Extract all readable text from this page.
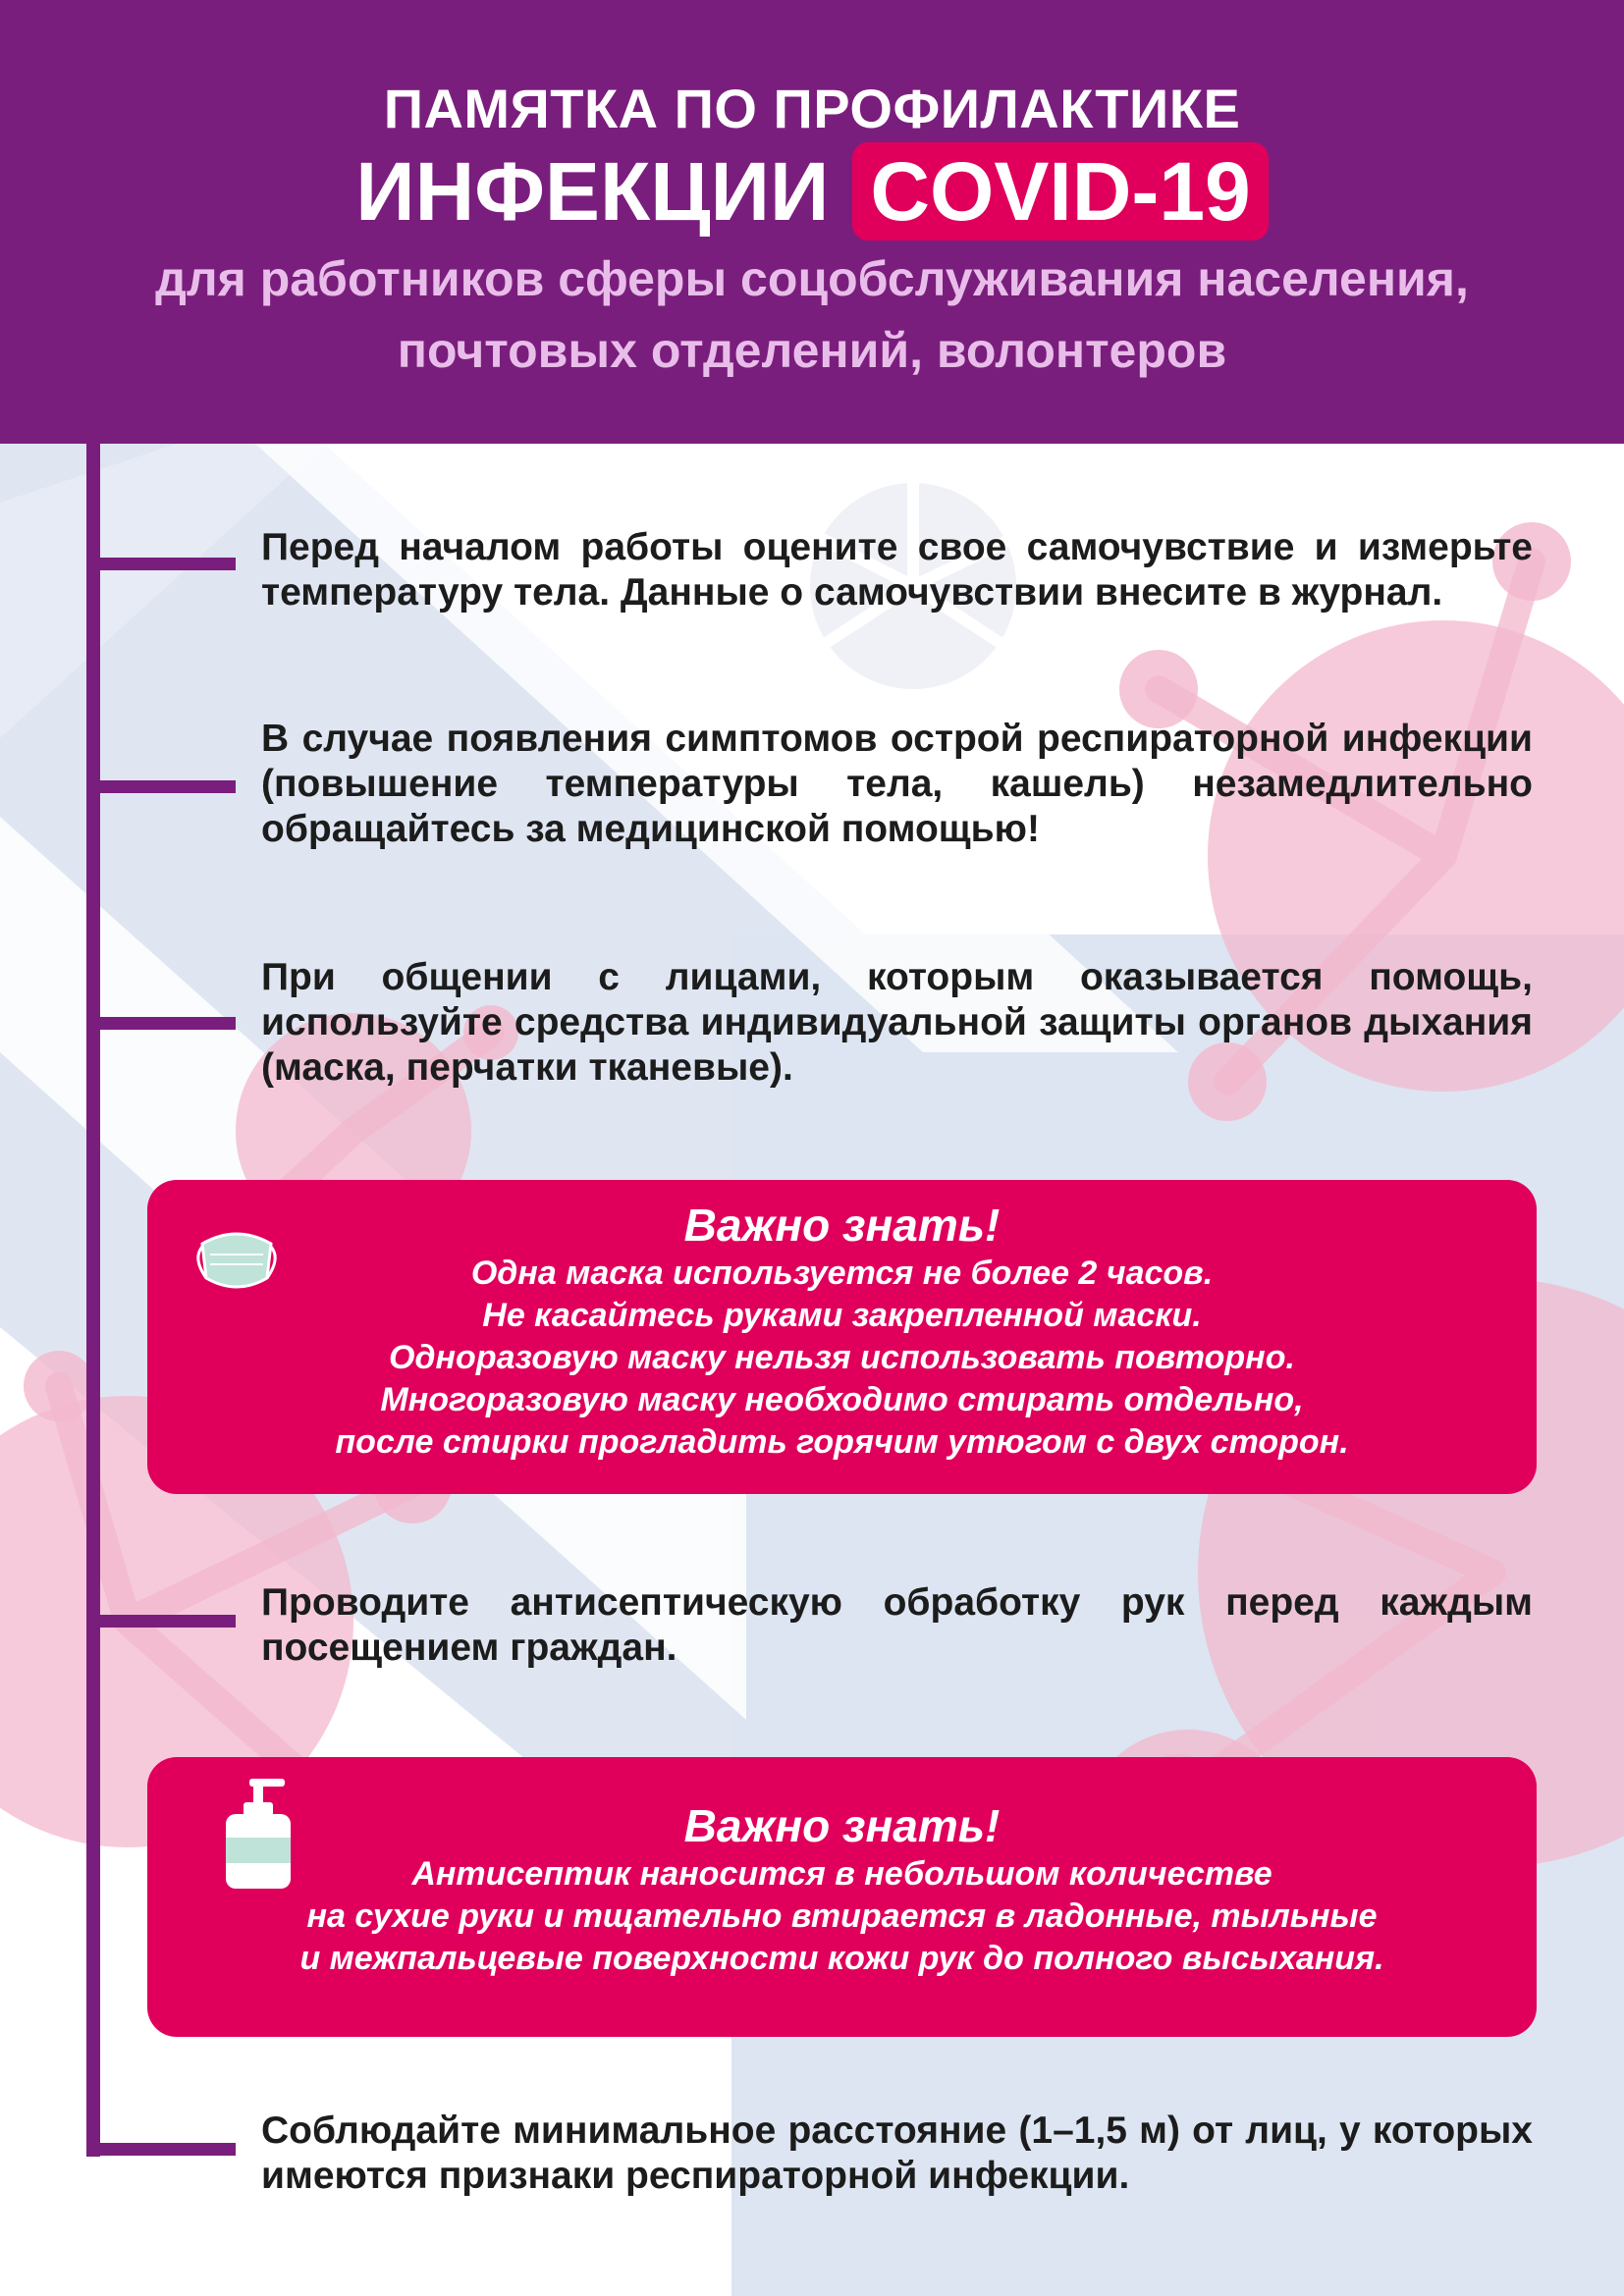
ПАМЯТКА ПО ПРОФИЛАКТИКЕ
ИНФЕКЦИИ COVID-19
для работников сферы соцобслуживания населения,
почтовых отделений, волонтеров
Перед началом работы оцените свое самочувствие и измерьте температуру тела. Данные о самочувствии внесите в журнал.
В случае появления симптомов острой респираторной инфекции (повышение температуры тела, кашель) незамедлительно обращайтесь за медицинской помощью!
При общении с лицами, которым оказывается помощь, используйте средства индивидуальной защиты органов дыхания (маска, перчатки тканевые).
Проводите антисептическую обработку рук перед каждым посещением граждан.
Соблюдайте минимальное расстояние (1–1,5 м) от лиц, у которых имеются признаки респираторной инфекции.
Важно знать!
Одна маска используется не более 2 часов.
Не касайтесь руками закрепленной маски.
Одноразовую маску нельзя использовать повторно.
Многоразовую маску необходимо стирать отдельно,
после стирки прогладить горячим утюгом с двух сторон.
Важно знать!
Антисептик наносится в небольшом количестве
на сухие руки и тщательно втирается в ладонные, тыльные
и межпальцевые поверхности кожи рук до полного высыхания.
